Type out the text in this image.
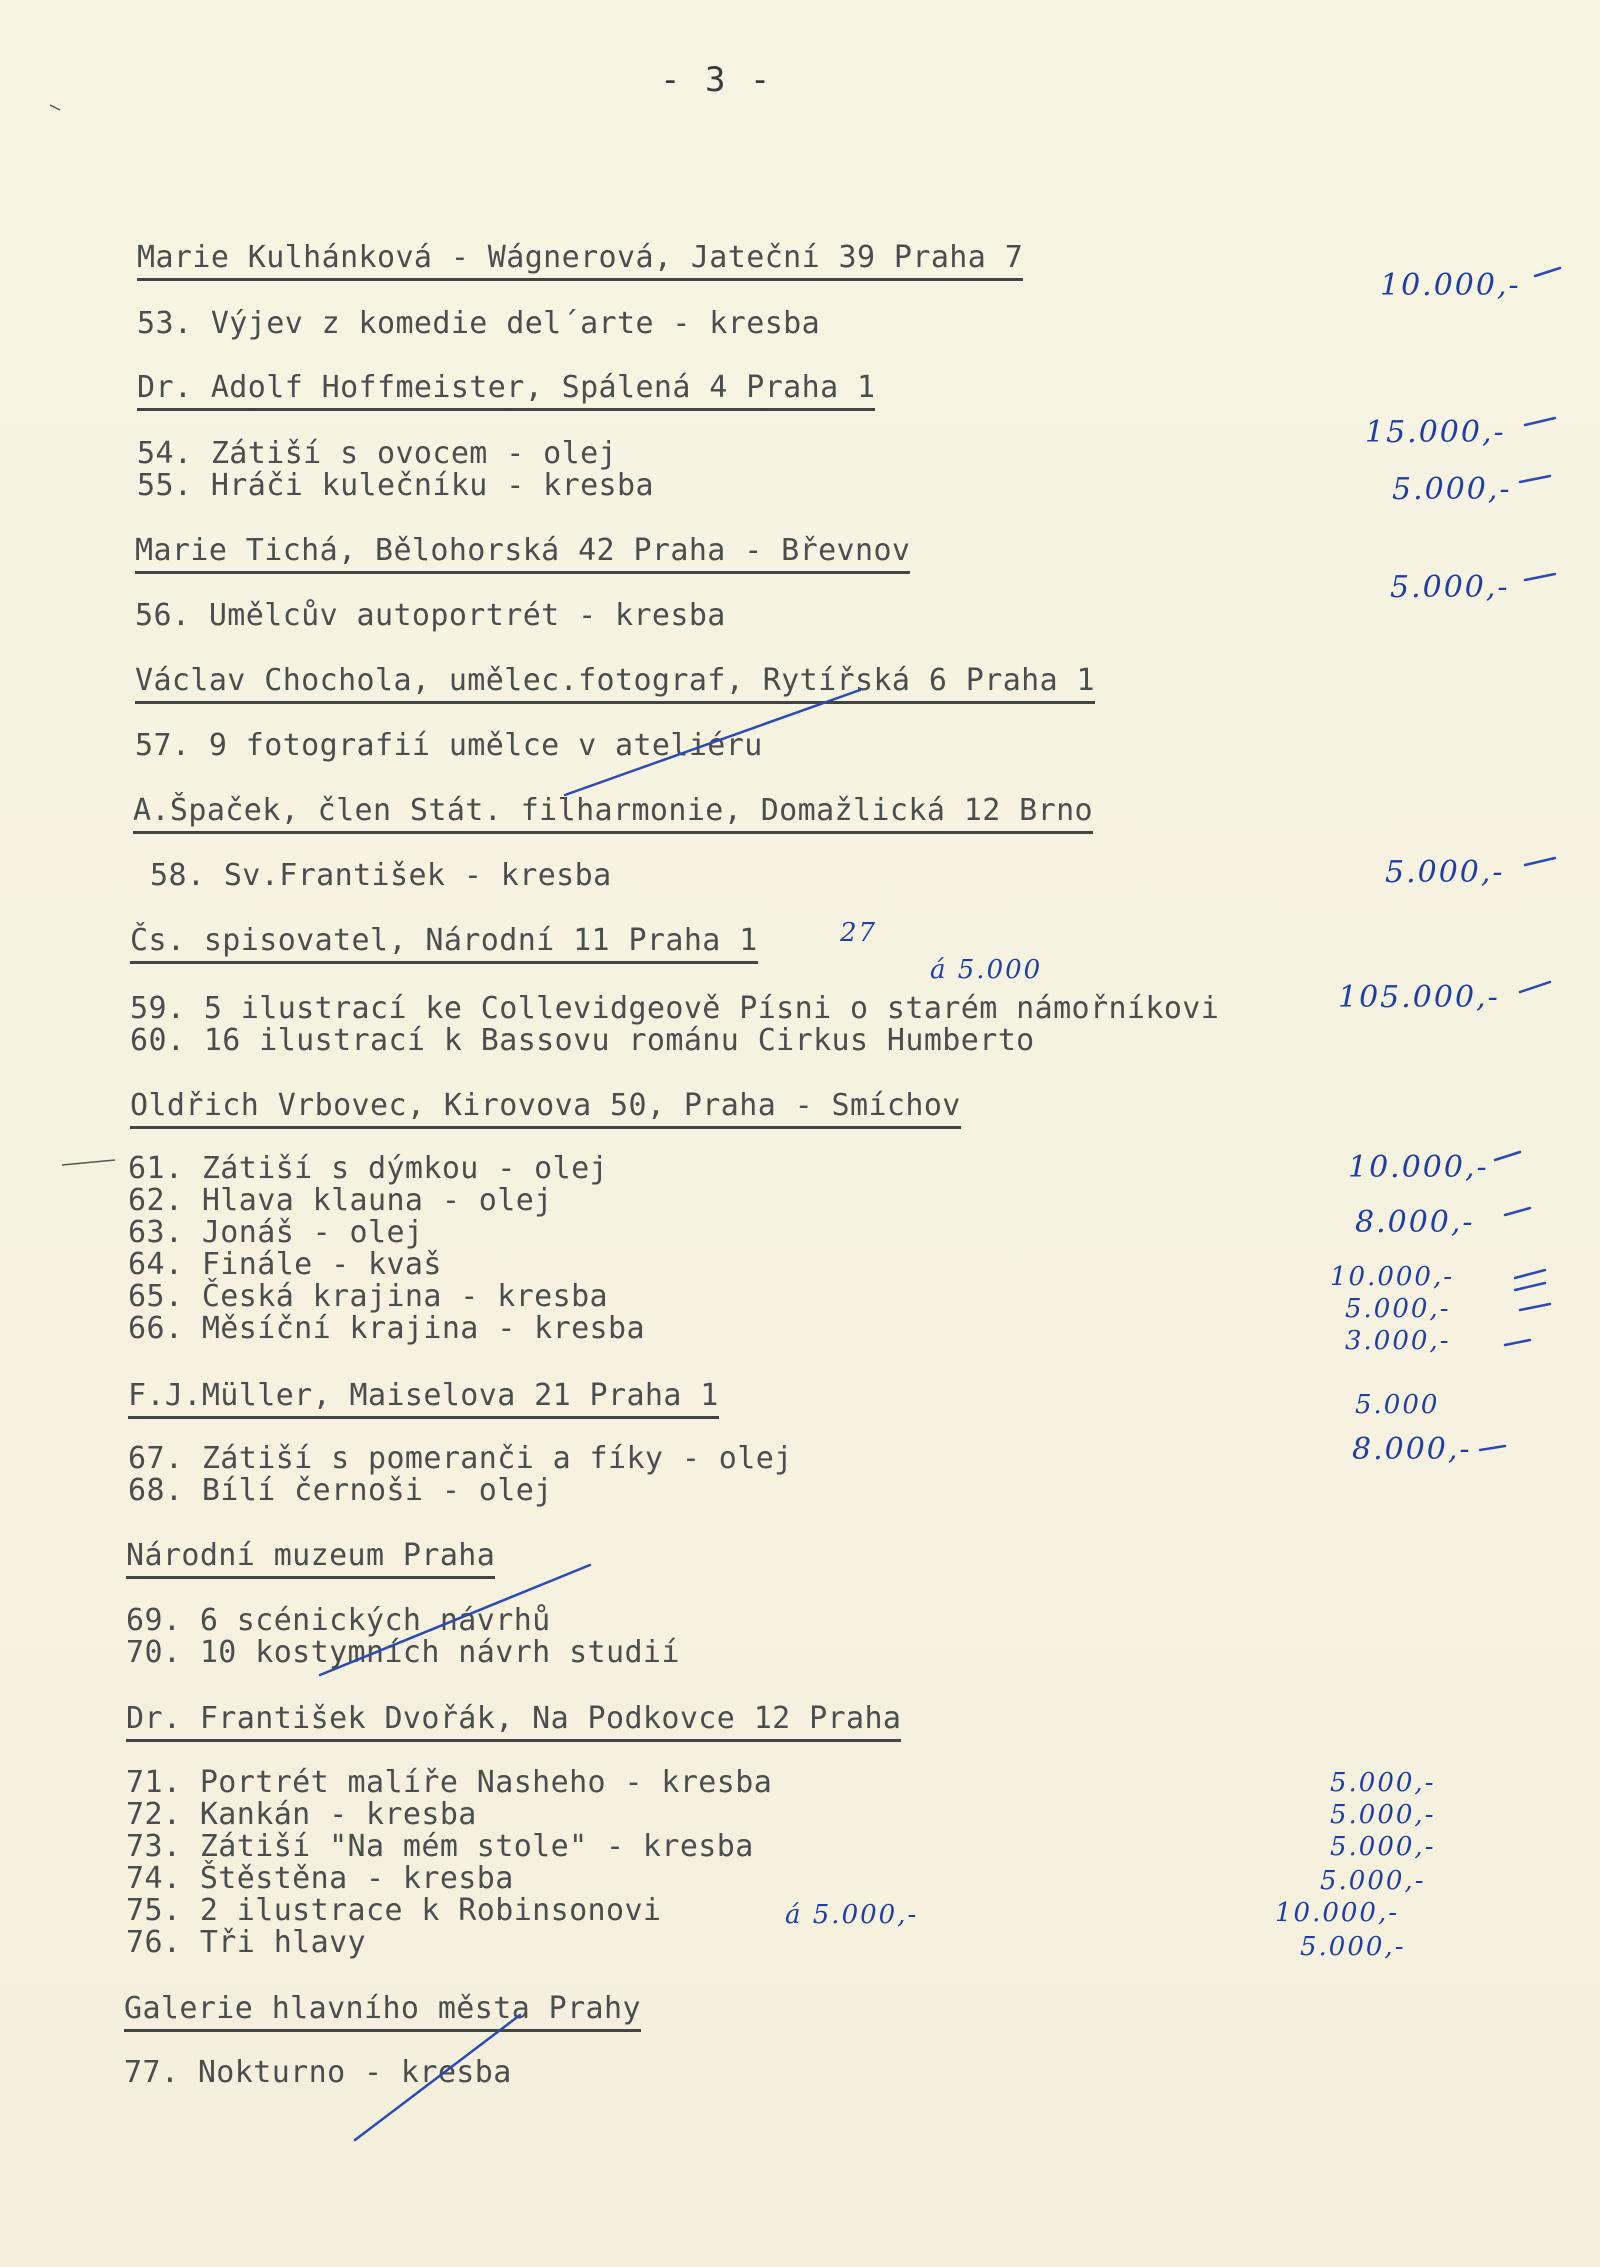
- 3 -
Marie Kulhánková - Wágnerová, Jateční 39 Praha 7
53. Výjev z komedie del´arte - kresba
Dr. Adolf Hoffmeister, Spálená 4 Praha 1
54. Zátiší s ovocem - olej
55. Hráči kulečníku - kresba
Marie Tichá, Bělohorská 42 Praha - Břevnov
56. Umělcův autoportrét - kresba
Václav Chochola, umělec.fotograf, Rytířská 6 Praha 1
57. 9 fotografií umělce v ateliéru
A.Špaček, člen Stát. filharmonie, Domažlická 12 Brno
58. Sv.František - kresba
Čs. spisovatel, Národní 11 Praha 1
59. 5 ilustrací ke Collevidgeově Písni o starém námořníkovi
60. 16 ilustrací k Bassovu románu Cirkus Humberto
Oldřich Vrbovec, Kirovova 50, Praha - Smíchov
61. Zátiší s dýmkou - olej
62. Hlava klauna - olej
63. Jonáš - olej
64. Finále - kvaš
65. Česká krajina - kresba
66. Měsíční krajina - kresba
F.J.Müller, Maiselova 21 Praha 1
67. Zátiší s pomeranči a fíky - olej
68. Bílí černoši - olej
Národní muzeum Praha
69. 6 scénických návrhů
70. 10 kostymních návrh studií
Dr. František Dvořák, Na Podkovce 12 Praha
71. Portrét malíře Nasheho - kresba
72. Kankán - kresba
73. Zátiší "Na mém stole" - kresba
74. Štěstěna - kresba
75. 2 ilustrace k Robinsonovi
76. Tři hlavy
Galerie hlavního města Prahy
77. Nokturno - kresba
10.000,-
15.000,-
5.000,-
5.000,-
5.000,-
27
á 5.000
105.000,-
10.000,-
8.000,-
10.000,-
5.000,-
3.000,-
5.000
8.000,-
5.000,-
5.000,-
5.000,-
5.000,-
10.000,-
5.000,-
á 5.000,-
